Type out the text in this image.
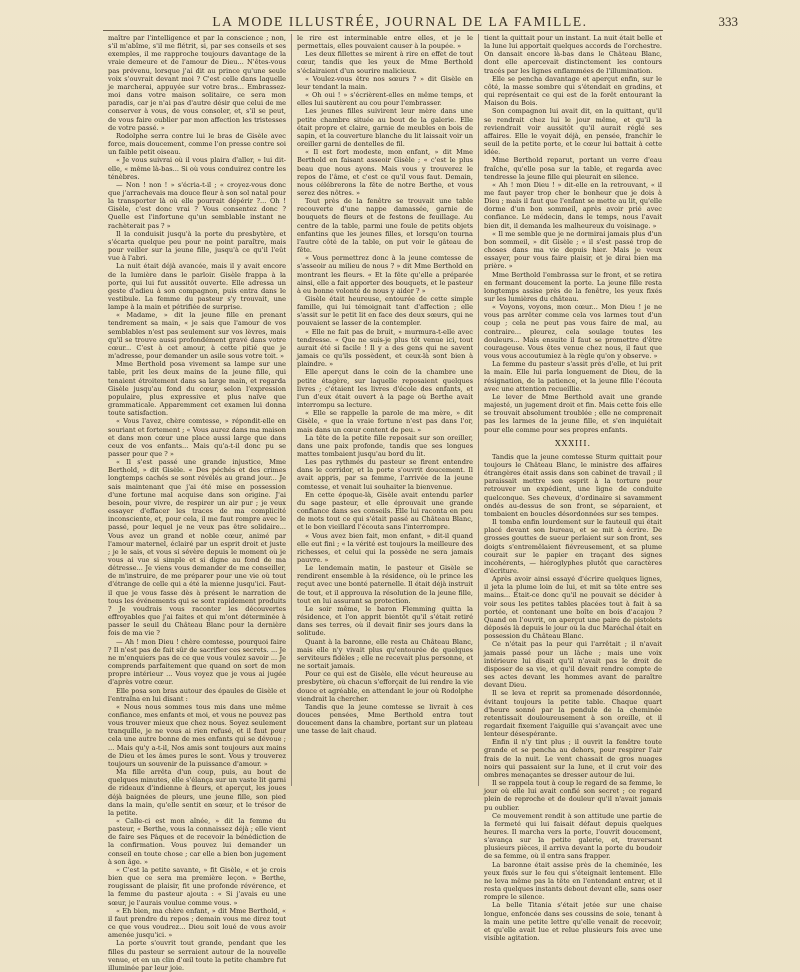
LA MODE ILLUSTRÉE, JOURNAL DE LA FAMILLE.	333

maître par l'intelligence et par la conscience ; non, s'il m'abîme, s'il me flétrit, si, par ses conseils et ses exemples, il me rapproche toujours davantage de la vraie demeure et de l'amour de Dieu... N'êtes-vous pas prévenu, lorsque j'ai dit au prince qu'une seule voix s'ouvrait devant moi ? C'est celle dans laquelle je marcherai, appuyée sur votre bras... Embrassez-moi dans votre maison solitaire, ce sera mon paradis, car je n'ai pas d'autre désir que celui de me conserver à vous, de vous consoler, et, s'il se peut, de vous faire oublier par mon affection les tristesses de votre passé. »

Rodolphe serra contre lui le bras de Gisèle avec force, mais doucement, comme l'on presse contre soi un faible petit oiseau.

« Je vous suivrai où il vous plaira d'aller, » lui dit-elle, « même là-bas... Si où vous conduirez contre les ténèbres.

— Non ! non ! » s'écria-t-il ; « croyez-vous donc que j'arrachevais ma douce fleur à son sol natal pour la transporter là où elle pourrait dépérir ?... Oh ! Gisèle, c'est donc vrai ? Vous consentez donc ? Quelle est l'infortune qu'un semblable instant ne rachèterait pas ? »

Il la conduisit jusqu'à la porte du presbytère, et s'écarta quelque peu pour ne point paraître, mais pour veiller sur la jeune fille, jusqu'à ce qu'il l'eût vue à l'abri.

La nuit était déjà avancée, mais il y avait encore de la lumière dans le parloir. Gisèle frappa à la porte, qui lui fut aussitôt ouverte. Elle adressa un geste d'adieu à son compagnon, puis entra dans le vestibule. La femme du pasteur s'y trouvait, une lampe à la main et pétrifiée de surprise.

« Madame, » dit la jeune fille en prenant tendrement sa main, « je sais que l'amour de vos semblables n'est pas seulement sur vos lèvres, mais qu'il se trouve aussi profondément gravé dans votre cœur... C'est à cet amour, à cette pitié que je m'adresse, pour demander un asile sous votre toit. »

Mme Berthold posa vivement sa lampe sur une table, prit les deux mains de la jeune fille, qui tenaient étroitement dans sa large main, et regarda Gisèle jusqu'au fond du cœur, selon l'expression populaire, plus expressive et plus naïve que grammaticale. Apparemment cet examen lui donna toute satisfaction.

« Vous l'avez, chère comtesse, » répondit-elle en souriant et fortement ; « Vous aurez dans ma maison et dans mon cœur une place aussi large que dans ceux de vos enfants... Mais qu'a-t-il donc pu se passer pour que ? »

« Il s'est passé une grande injustice, Mme Berthold, » dit Gisèle. « Des péchés et des crimes longtemps cachés se sont révélés au grand jour... Je sais maintenant que j'ai été mise en possession d'une fortune mal acquise dans son origine. J'ai besoin, pour vivre, de respirer un air pur ; je veux essayer d'effacer les traces de ma complicité inconsciente, et, pour cela, il me faut rompre avec le passé, pour lequel je ne veux pas être solidaire... Vous avez un grand et noble cœur, animé par l'amour maternel, éclairé par un esprit droit et juste ; je le sais, et vous si sévère depuis le moment où je vous ai vue si simple et si digne au fond de ma détresse... Je viens vous demander de me conseiller, de m'instruire, de me préparer pour une vie où tout d'étrange de celle qui a été la mienne jusqu'ici. Faut-il que je vous fasse dès à présent le narration de tous les événements qui se sont rapidement produits ? Je voudrais vous raconter les découvertes effroyables que j'ai faites et qui m'ont déterminée à passer le seuil du Château Blanc pour la dernière fois de ma vie ?

— Ah ! mon Dieu ! chère comtesse, pourquoi faire ? Il n'est pas de fait sûr de sacrifier ces secrets. ... Je ne m'enquiers pas de ce que vous voulez savoir ... Je comprends parfaitement que quand on sort de mon propre intérieur ... Vous voyez que je vous ai jugée d'après votre cœur.

Elle posa son bras autour des épaules de Gisèle et l'entraîna en lui disant :

« Nous nous sommes tous mis dans une même confiance, mes enfants et moi, et vous ne pouvez pas vous trouver mieux que chez nous. Soyez seulement tranquille, je ne vous ai rien refusé, et il faut pour cela une autre bonne de mes enfants qui se dévoue ; ... Mais qu'y a-t-il, Nos amis sont toujours aux mains de Dieu et les âmes pures le sont. Vous y trouverez toujours un souvenir de la puissance d'amour. »

Ma fille arrêta d'un coup, puis, au bout de quelques minutes, elle s'élança sur un vaste lit garni de rideaux d'indienne à fleurs, et aperçut, les joues déjà baignées de pleurs, une jeune fille, son pied dans la main, qu'elle sentit en sœur, et le trésor de la petite.

« Calle-ci est mon aînée, » dit la femme du pasteur, « Berthe, vous la connaissez déjà ; elle vient de faire ses Pâques et de recevoir la bénédiction de la confirmation. Vous pouvez lui demander un conseil en toute chose ; car elle a bien bon jugement à son âge. »

« C'est la petite savante, » fit Gisèle, « et je crois bien que ce sera ma première leçon. » Berthe, rougissant de plaisir, fit une profonde révérence, et la femme du pasteur ajouta : « Si j'avais eu une sœur, je l'aurais voulue comme vous. »

« Eh bien, ma chère enfant, » dit Mme Berthold, « il faut prendre du repos ; demain vous me direz tout ce que vous voudrez... Dieu soit loué de vous avoir amenée jusqu'ici. »

La porte s'ouvrit tout grande, pendant que les filles du pasteur se serraient autour de la nouvelle venue, et en un clin d'œil toute la petite chambre fut illuminée par leur joie.

le rire est interminable entre elles, et je le permettais, elles pouvaient causer à la poupée. »

Les deux fillettes se mirent à rire en effet de tout cœur, tandis que les yeux de Mme Berthold s'éclairaient d'un sourire malicieux.

« Voulez-vous être nos sœurs ? » dit Gisèle en leur tendant la main.

« Oh oui ! » s'écrièrent-elles en même temps, et elles lui sautèrent au cou pour l'embrasser.

Les jeunes filles suivirent leur mère dans une petite chambre située au bout de la galerie. Elle était propre et claire, garnie de meubles en bois de sapin, et la couverture blanche du lit laissait voir un oreiller garni de dentelles de fil.

« Il est fort modeste, mon enfant, » dit Mme Berthold en faisant asseoir Gisèle ; « c'est le plus beau que nous ayons. Mais vous y trouverez le repos de l'âme, et c'est ce qu'il vous faut. Demain, nous célébrerons la fête de notre Berthe, et vous serez des nôtres. »

Tout près de la fenêtre se trouvait une table recouverte d'une nappe damassée, garnie de bouquets de fleurs et de festons de feuillage. Au centre de la table, parmi une foule de petits objets enfantins que les jeunes filles, et lorsqu'on tourna l'autre côté de la table, on put voir le gâteau de fête.

« Vous permettrez donc à la jeune comtesse de s'asseoir au milieu de nous ? » dit Mme Berthold en montrant les fleurs. « Et la fête qu'elle a préparée ainsi, elle a fait apporter des bouquets, et le pasteur à eu bonne volonté de nous y aider ? »

Gisèle était heureuse, entourée de cette simple famille, qui lui témoignait tant d'affection ; elle s'assit sur le petit lit en face des deux sœurs, qui ne pouvaient se lasser de la contempler.

« Elle ne fait pas de bruit, » murmura-t-elle avec tendresse. « Que ne suis-je plus tôt venue ici, tout aurait été si facile ! Il y a des gens qui ne savent jamais ce qu'ils possèdent, et ceux-là sont bien à plaindre. »

Elle aperçut dans le coin de la chambre une petite étagère, sur laquelle reposaient quelques livres ; c'étaient les livres d'école des enfants, et l'un d'eux était ouvert à la page où Berthe avait interrompu sa lecture.

« Elle se rappelle la parole de ma mère, » dit Gisèle, « que la vraie fortune n'est pas dans l'or, mais dans un cœur content de peu. »

La tête de la petite fille reposait sur son oreiller, dans une paix profonde, tandis que ses longues mattes tombaient jusqu'au bord du lit.

Les pas rythmés du pasteur se firent entendre dans le corridor, et la porte s'ouvrit doucement. Il avait appris, par sa femme, l'arrivée de la jeune comtesse, et venait lui souhaiter la bienvenue.

En cette époque-là, Gisèle avait entendu parler du sage pasteur, et elle éprouvait une grande confiance dans ses conseils. Elle lui raconta en peu de mots tout ce qui s'était passé au Château Blanc, et le bon vieillard l'écouta sans l'interrompre.

« Vous avez bien fait, mon enfant, » dit-il quand elle eut fini ; « la vérité est toujours la meilleure des richesses, et celui qui la possède ne sera jamais pauvre. »

Le lendemain matin, le pasteur et Gisèle se rendirent ensemble à la résidence, où le prince les reçut avec une bonté paternelle. Il était déjà instruit de tout, et il approuva la résolution de la jeune fille, tout en lui assurant sa protection.

Le soir même, le baron Flemming quitta la résidence, et l'on apprit bientôt qu'il s'était retiré dans ses terres, où il devait finir ses jours dans la solitude.

Quant à la baronne, elle resta au Château Blanc, mais elle n'y vivait plus qu'entourée de quelques serviteurs fidèles ; elle ne recevait plus personne, et ne sortait jamais.

Pour ce qui est de Gisèle, elle vécut heureuse au presbytère, où chacun s'efforçait de lui rendre la vie douce et agréable, en attendant le jour où Rodolphe viendrait la chercher.

Tandis que la jeune comtesse se livrait à ces douces pensées, Mme Berthold entra tout doucement dans la chambre, portant sur un plateau une tasse de lait chaud.

tient la quittait pour un instant. La nuit était belle et la lune lui apportait quelques accords de l'orchestre. On dansait encore là-bas dans le Château Blanc, dont elle apercevait distinctement les contours tracés par les lignes enflammées de l'illumination.

Elle se pencha davantage et aperçut enfin, sur le côté, la masse sombre qui s'étendait en gradins, et qui représentait ce qui est de la forêt entourant la Maison du Bois.

Son compagnon lui avait dit, en la quittant, qu'il se rendrait chez lui le jour même, et qu'il la reviendrait voir aussitôt qu'il aurait réglé ses affaires. Elle le voyait déjà, en pensée, franchir le seuil de la petite porte, et le cœur lui battait à cette idée.

Mme Berthold reparut, portant un verre d'eau fraîche, qu'elle posa sur la table, et regarda avec tendresse la jeune fille qui pleurait en silence.

« Ah ! mon Dieu ! » dit-elle en la retrouvant, « il me faut payer trop cher le bonheur que je dois à Dieu ; mais il faut que l'enfant se mette au lit, qu'elle dorme d'un bon sommeil, après avoir prié avec confiance. Le médecin, dans le temps, nous l'avait bien dit, il demanda les malheureux du voisinage. »

« Il me semble que je ne dormirai jamais plus d'un bon sommeil, » dit Gisèle ; « il s'est passé trop de choses dans ma vie depuis hier. Mais je veux essayer, pour vous faire plaisir, et je dirai bien ma prière. »

Mme Berthold l'embrassa sur le front, et se retira en fermant doucement la porte. La jeune fille resta longtemps assise près de la fenêtre, les yeux fixés sur les lumières du château.

« Voyons, voyons, mon cœur... Mon Dieu ! je ne vous pas arrêter comme cela vos larmes tout d'un coup ; cela ne peut pas vous faire de mal, au contraire... pleurez, cela soulage toutes les douleurs... Mais ensuite il faut se promettre d'être courageuse. Vous êtes venue chez nous, il faut que vous vous accoutumiez à la règle qu'on y observe. »

La femme du pasteur s'assit près d'elle, et lui prit la main. Elle lui parla longuement de Dieu, de la résignation, de la patience, et la jeune fille l'écouta avec une attention recueillie.

Le lever de Mme Berthold avait une grande majesté, un jugement droit et fin. Mais cette fois elle se trouvait absolument troublée ; elle ne comprenait pas les larmes de la jeune fille, et s'en inquiétait pour elle comme pour ses propres enfants.

XXXIII.

Tandis que la jeune comtesse Sturm quittait pour toujours le Château Blanc, le ministre des affaires étrangères était assis dans son cabinet de travail ; il paraissait mettre son esprit à la torture pour retrouver un expédient, une ligne de conduite quelconque. Ses cheveux, d'ordinaire si savamment ondés au-dessus de son front, se séparaient, et tombaient en boucles désordonnées sur ses tempes.

Il tomba enfin lourdement sur le fauteuil qui était placé devant son bureau, et se mit à écrire. De grosses gouttes de sueur perlaient sur son front, ses doigts s'entremêlaient fiévreusement, et sa plume courait sur le papier en traçant des signes incohérents, — hiéroglyphes plutôt que caractères d'écriture.

Après avoir ainsi essayé d'écrire quelques lignes, il jeta la plume loin de lui, et mit sa tête entre ses mains... Était-ce donc qu'il ne pouvait se décider à voir sous les petites tables placées tout à fait à sa portée, et contenant une boîte en bois d'acajou ? Quand on l'ouvrit, on aperçut une paire de pistolets déposés là depuis le jour où la duc Maréchal était en possession du Château Blanc.

Ce n'était pas la peur qui l'arrêtait ; il n'avait jamais passé pour un lâche ; mais une voix intérieure lui disait qu'il n'avait pas le droit de disposer de sa vie, et qu'il devait rendre compte de ses actes devant les hommes avant de paraître devant Dieu.

Il se leva et reprit sa promenade désordonnée, évitant toujours la petite table. Chaque quart d'heure sonné par la pendule de la cheminée retentissait douloureusement à son oreille, et il regardait fixement l'aiguille qui s'avançait avec une lenteur désespérante.

Enfin il n'y tint plus ; il ouvrit la fenêtre toute grande et se pencha au dehors, pour respirer l'air frais de la nuit. Le vent chassait de gros nuages noirs qui passaient sur la lune, et il crut voir des ombres menaçantes se dresser autour de lui.

Il se rappela tout à coup le regard de sa femme, le jour où elle lui avait confié son secret ; ce regard plein de reproche et de douleur qu'il n'avait jamais pu oublier.

Ce mouvement rendit à son attitude une partie de la fermeté qui lui faisait défaut depuis quelques heures. Il marcha vers la porte, l'ouvrit doucement, s'avança sur la petite galerie, et, traversant plusieurs pièces, il arriva devant la porte du boudoir de sa femme, où il entra sans frapper.

La baronne était assise près de la cheminée, les yeux fixés sur le feu qui s'éteignait lentement. Elle ne leva même pas la tête en l'entendant entrer, et il resta quelques instants debout devant elle, sans oser rompre le silence.

La belle Titania s'était jetée sur une chaise longue, enfoncée dans ses coussins de soie, tenant à la main une petite lettre qu'elle venait de recevoir, et qu'elle avait lue et relue plusieurs fois avec une visible agitation.
